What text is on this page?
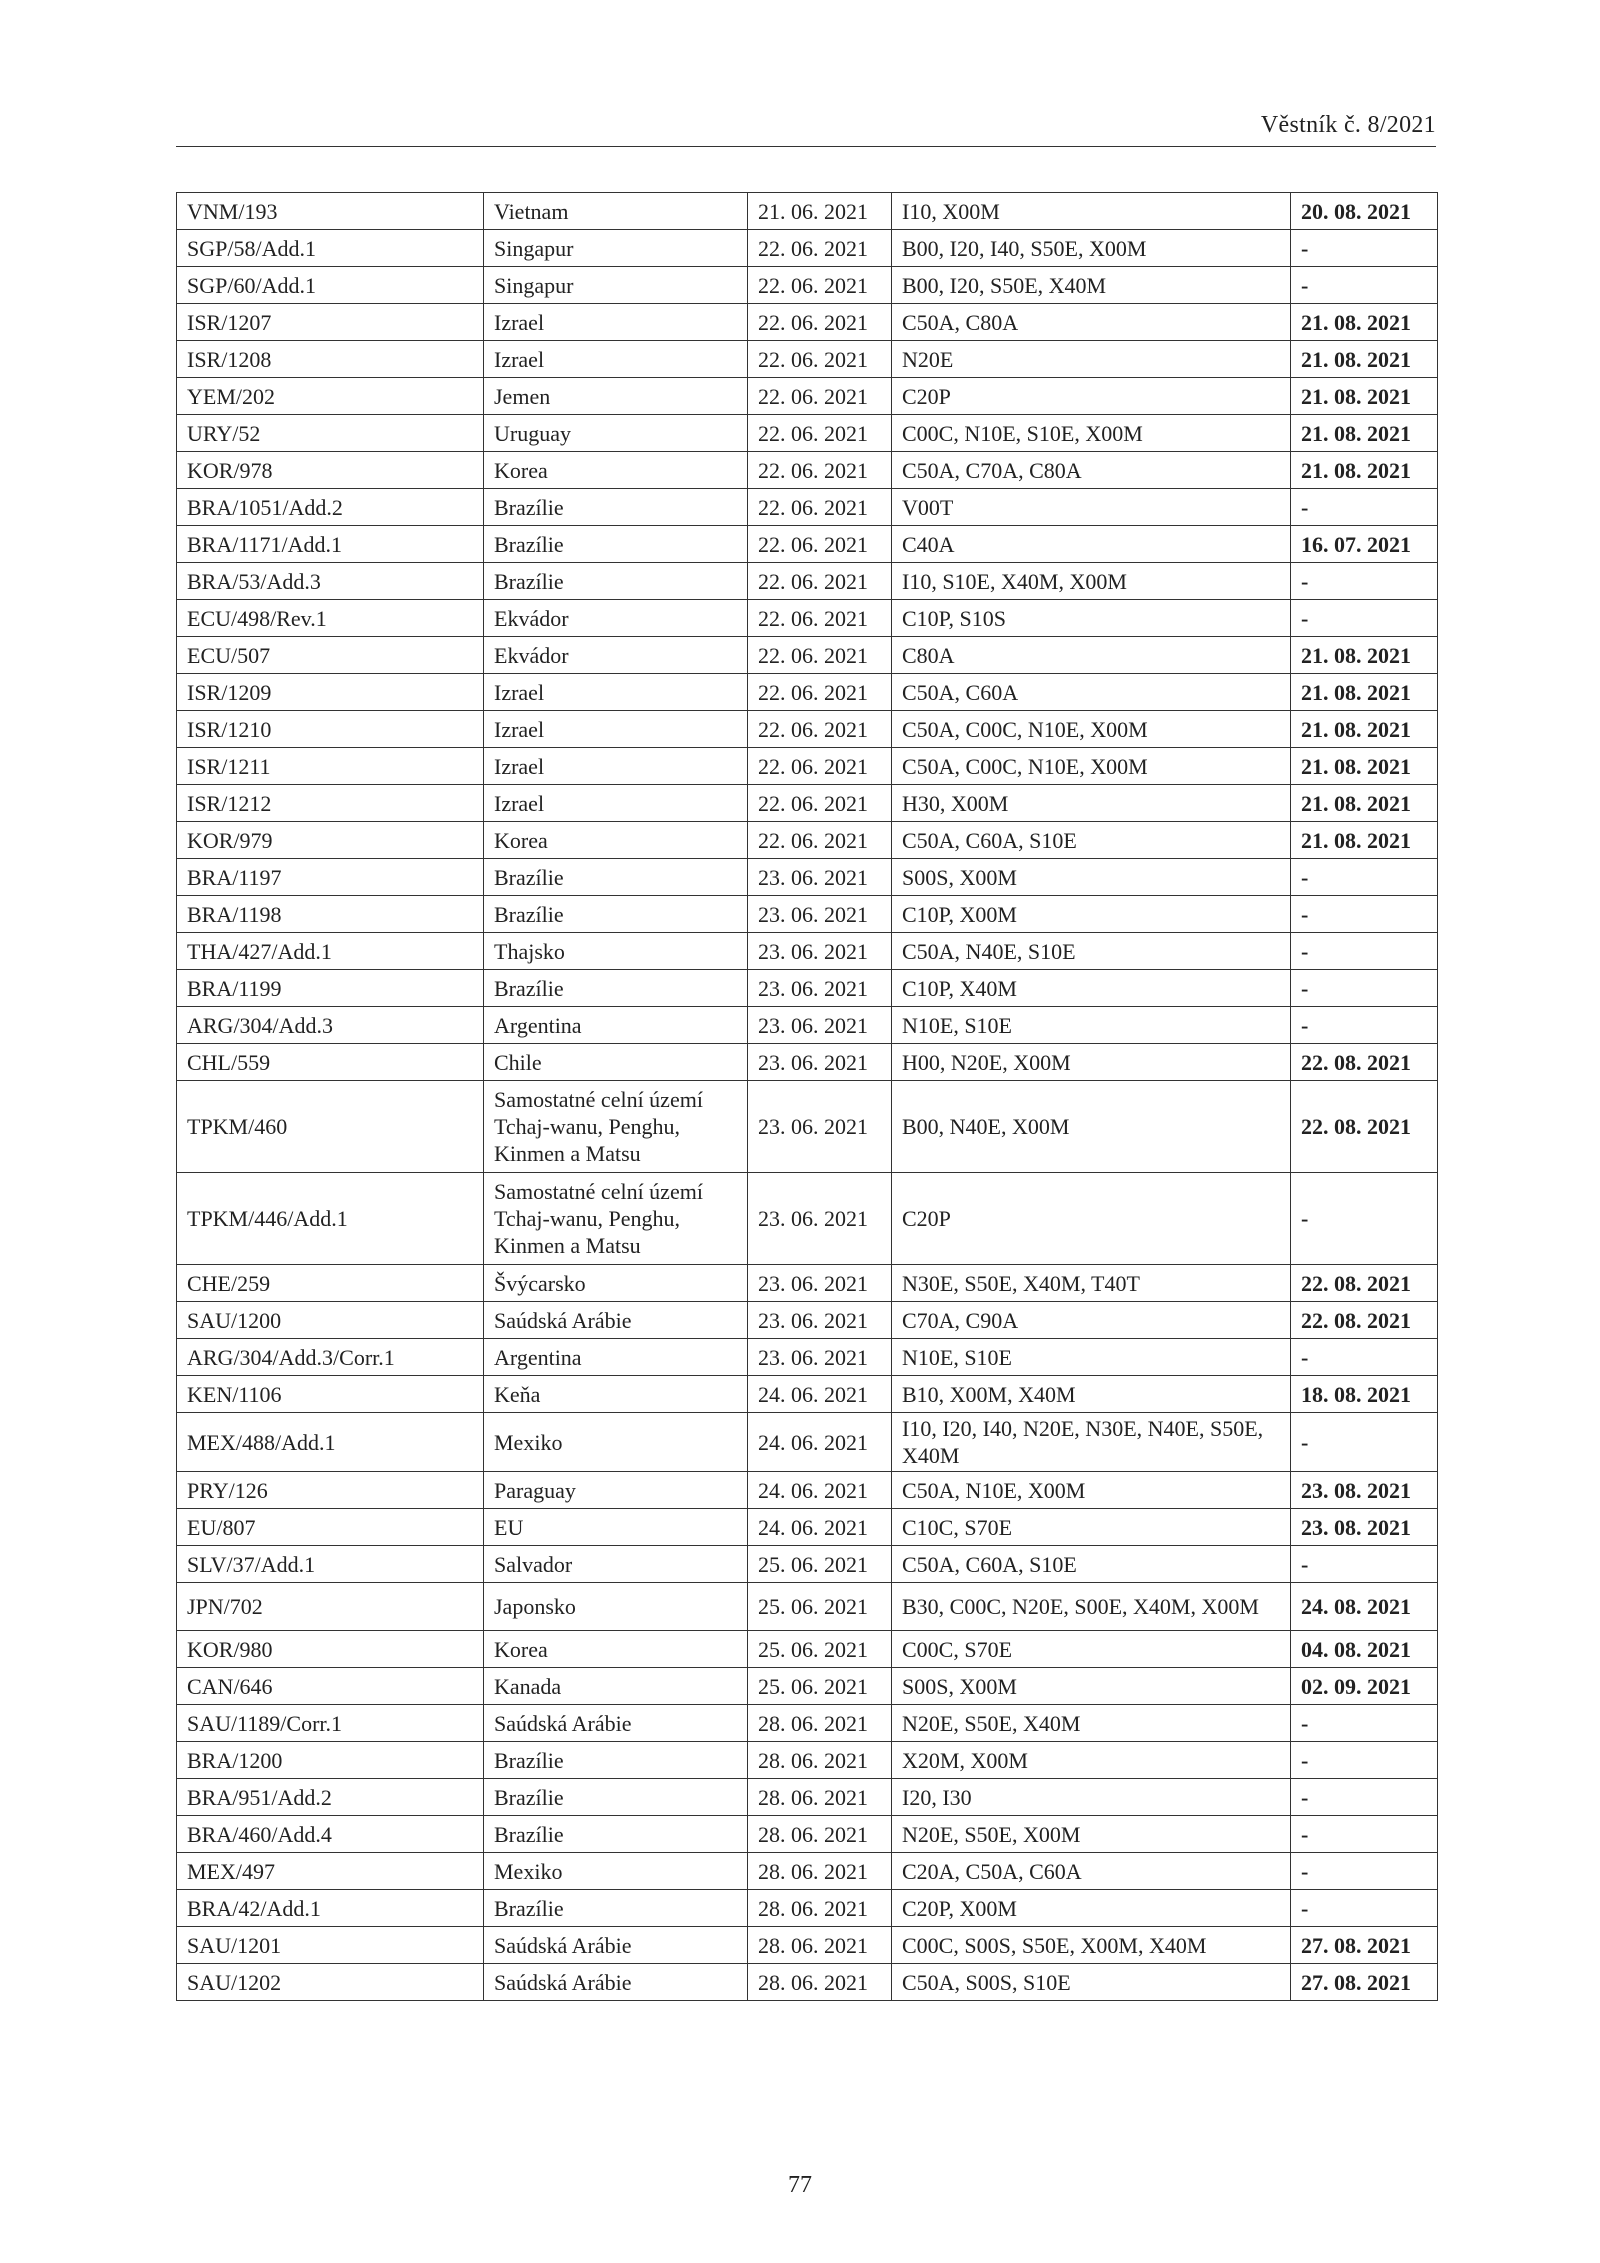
Věstník č. 8/2021
VNM/193	Vietnam	21. 06. 2021	I10, X00M	20. 08. 2021
SGP/58/Add.1	Singapur	22. 06. 2021	B00, I20, I40, S50E, X00M	-
SGP/60/Add.1	Singapur	22. 06. 2021	B00, I20, S50E, X40M	-
ISR/1207	Izrael	22. 06. 2021	C50A, C80A	21. 08. 2021
ISR/1208	Izrael	22. 06. 2021	N20E	21. 08. 2021
YEM/202	Jemen	22. 06. 2021	C20P	21. 08. 2021
URY/52	Uruguay	22. 06. 2021	C00C, N10E, S10E, X00M	21. 08. 2021
KOR/978	Korea	22. 06. 2021	C50A, C70A, C80A	21. 08. 2021
BRA/1051/Add.2	Brazílie	22. 06. 2021	V00T	-
BRA/1171/Add.1	Brazílie	22. 06. 2021	C40A	16. 07. 2021
BRA/53/Add.3	Brazílie	22. 06. 2021	I10, S10E, X40M, X00M	-
ECU/498/Rev.1	Ekvádor	22. 06. 2021	C10P, S10S	-
ECU/507	Ekvádor	22. 06. 2021	C80A	21. 08. 2021
ISR/1209	Izrael	22. 06. 2021	C50A, C60A	21. 08. 2021
ISR/1210	Izrael	22. 06. 2021	C50A, C00C, N10E, X00M	21. 08. 2021
ISR/1211	Izrael	22. 06. 2021	C50A, C00C, N10E, X00M	21. 08. 2021
ISR/1212	Izrael	22. 06. 2021	H30, X00M	21. 08. 2021
KOR/979	Korea	22. 06. 2021	C50A, C60A, S10E	21. 08. 2021
BRA/1197	Brazílie	23. 06. 2021	S00S, X00M	-
BRA/1198	Brazílie	23. 06. 2021	C10P, X00M	-
THA/427/Add.1	Thajsko	23. 06. 2021	C50A, N40E, S10E	-
BRA/1199	Brazílie	23. 06. 2021	C10P, X40M	-
ARG/304/Add.3	Argentina	23. 06. 2021	N10E, S10E	-
CHL/559	Chile	23. 06. 2021	H00, N20E, X00M	22. 08. 2021
TPKM/460	Samostatné celní území Tchaj-wanu, Penghu, Kinmen a Matsu	23. 06. 2021	B00, N40E, X00M	22. 08. 2021
TPKM/446/Add.1	Samostatné celní území Tchaj-wanu, Penghu, Kinmen a Matsu	23. 06. 2021	C20P	-
CHE/259	Švýcarsko	23. 06. 2021	N30E, S50E, X40M, T40T	22. 08. 2021
SAU/1200	Saúdská Arábie	23. 06. 2021	C70A, C90A	22. 08. 2021
ARG/304/Add.3/Corr.1	Argentina	23. 06. 2021	N10E, S10E	-
KEN/1106	Keňa	24. 06. 2021	B10, X00M, X40M	18. 08. 2021
MEX/488/Add.1	Mexiko	24. 06. 2021	I10, I20, I40, N20E, N30E, N40E, S50E, X40M	-
PRY/126	Paraguay	24. 06. 2021	C50A, N10E, X00M	23. 08. 2021
EU/807	EU	24. 06. 2021	C10C, S70E	23. 08. 2021
SLV/37/Add.1	Salvador	25. 06. 2021	C50A, C60A, S10E	-
JPN/702	Japonsko	25. 06. 2021	B30, C00C, N20E, S00E, X40M, X00M	24. 08. 2021
KOR/980	Korea	25. 06. 2021	C00C, S70E	04. 08. 2021
CAN/646	Kanada	25. 06. 2021	S00S, X00M	02. 09. 2021
SAU/1189/Corr.1	Saúdská Arábie	28. 06. 2021	N20E, S50E, X40M	-
BRA/1200	Brazílie	28. 06. 2021	X20M, X00M	-
BRA/951/Add.2	Brazílie	28. 06. 2021	I20, I30	-
BRA/460/Add.4	Brazílie	28. 06. 2021	N20E, S50E, X00M	-
MEX/497	Mexiko	28. 06. 2021	C20A, C50A, C60A	-
BRA/42/Add.1	Brazílie	28. 06. 2021	C20P, X00M	-
SAU/1201	Saúdská Arábie	28. 06. 2021	C00C, S00S, S50E, X00M, X40M	27. 08. 2021
SAU/1202	Saúdská Arábie	28. 06. 2021	C50A, S00S, S10E	27. 08. 2021
77
